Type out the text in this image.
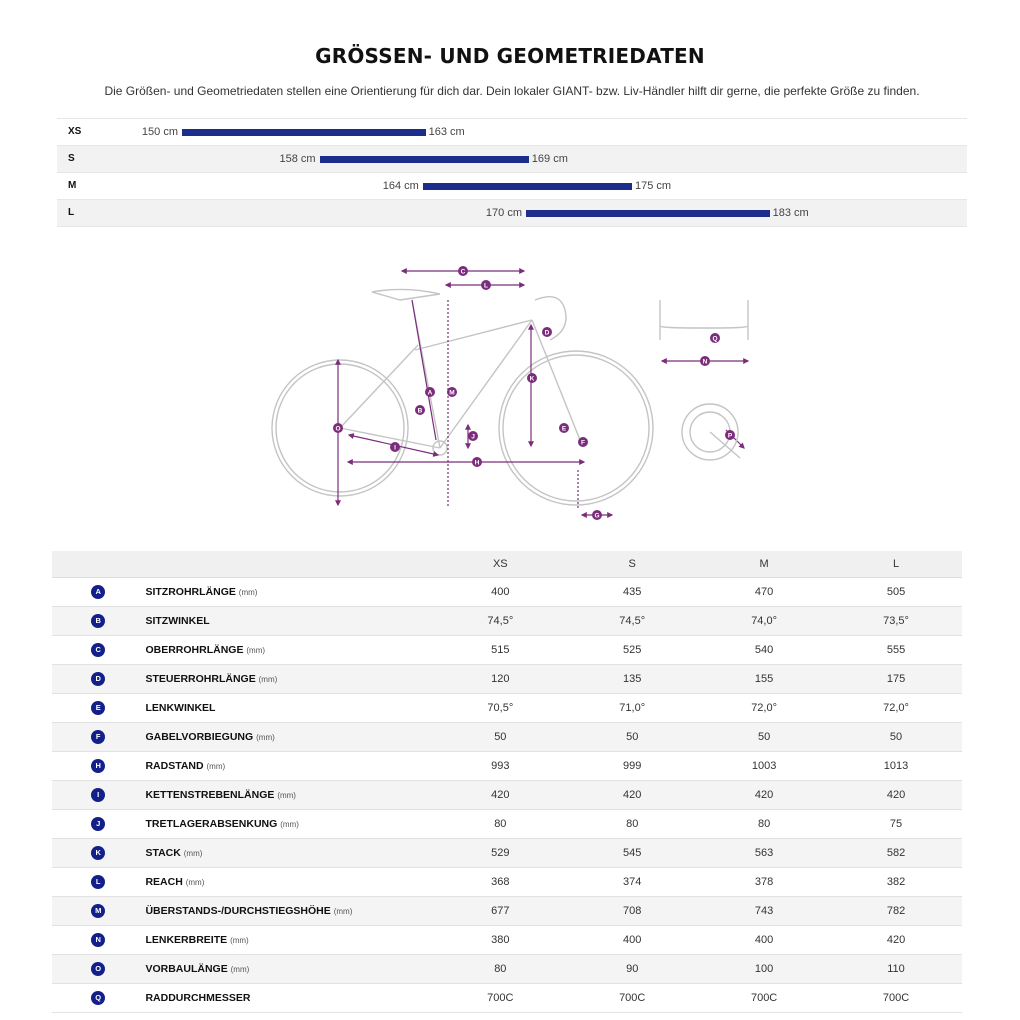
GRÖSSEN- UND GEOMETRIEDATEN
Die Größen- und Geometriedaten stellen eine Orientierung für dich dar. Dein lokaler GIANT- bzw. Liv-Händler hilft dir gerne, die perfekte Größe zu finden.
XS	150 cm	163 cm
S	158 cm	169 cm
M	164 cm	175 cm
L	170 cm	183 cm
A
B
C
D
E
F
G
H
I
J
K
L
M
N
O
P
Q
		XS	S	M	L
A	SITZROHRLÄNGE (mm)	400	435	470	505
B	SITZWINKEL	74,5°	74,5°	74,0°	73,5°
C	OBERROHRLÄNGE (mm)	515	525	540	555
D	STEUERROHRLÄNGE (mm)	120	135	155	175
E	LENKWINKEL	70,5°	71,0°	72,0°	72,0°
F	GABELVORBIEGUNG (mm)	50	50	50	50
H	RADSTAND (mm)	993	999	1003	1013
I	KETTENSTREBENLÄNGE (mm)	420	420	420	420
J	TRETLAGERABSENKUNG (mm)	80	80	80	75
K	STACK (mm)	529	545	563	582
L	REACH (mm)	368	374	378	382
M	ÜBERSTANDS-/DURCHSTIEGSHÖHE (mm)	677	708	743	782
N	LENKERBREITE (mm)	380	400	400	420
O	VORBAULÄNGE (mm)	80	90	100	110
Q	RADDURCHMESSER	700C	700C	700C	700C
